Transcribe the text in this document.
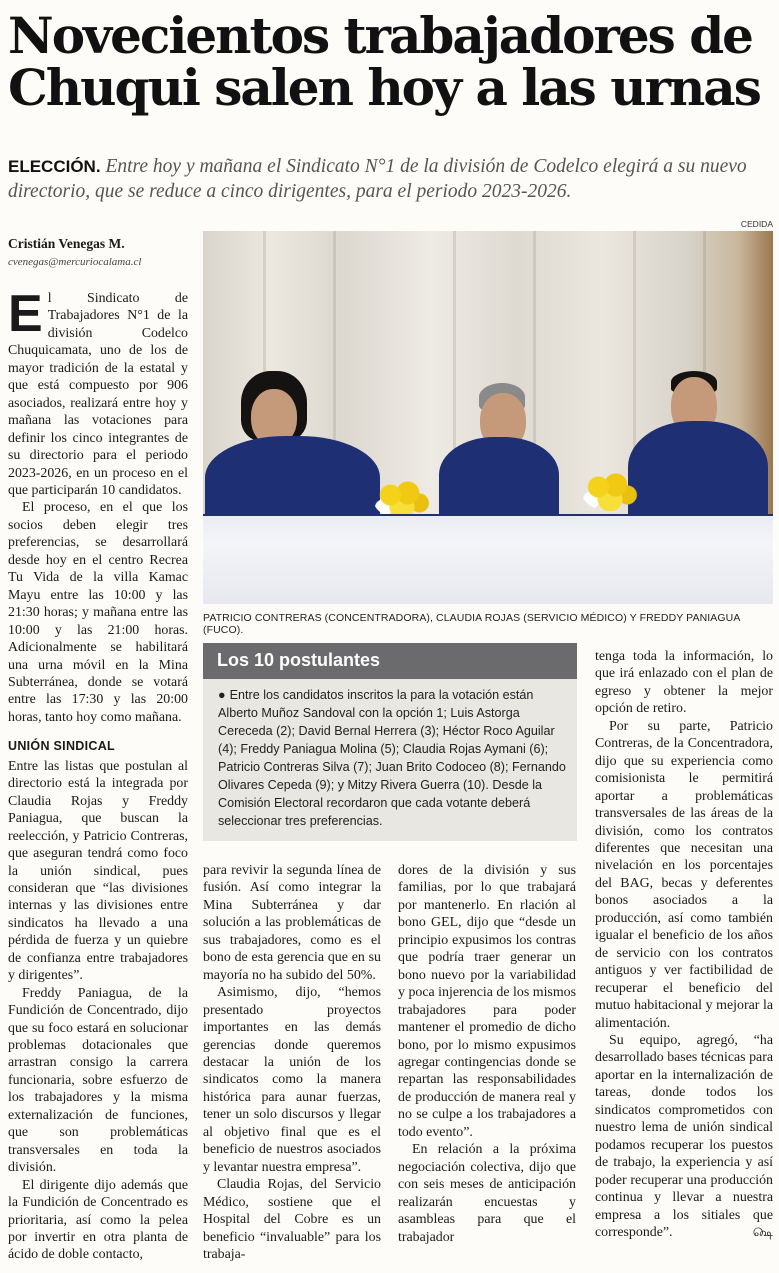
Novecientos trabajadores de
Chuqui salen hoy a las urnas
ELECCIÓN. Entre hoy y mañana el Sindicato N°1 de la división de Codelco elegirá a su nuevo directorio, que se reduce a cinco dirigentes, para el periodo 2023-2026.
CEDIDA
Cristián Venegas M.
cvenegas@mercuriocalama.cl
PATRICIO CONTRERAS (CONCENTRADORA), CLAUDIA ROJAS (SERVICIO MÉDICO) Y FREDDY PANIAGUA (FUCO).

El Sindicato de Trabajadores N°1 de la división Codelco Chuquicamata, uno de los de mayor tradición de la estatal y que está compuesto por 906 asociados, realizará entre hoy y mañana las votaciones para definir los cinco integrantes de su directorio para el periodo 2023-2026, en un proceso en el que participarán 10 candidatos.

El proceso, en el que los socios deben elegir tres preferencias, se desarrollará desde hoy en el centro Recrea Tu Vida de la villa Kamac Mayu entre las 10:00 y las 21:30 horas; y mañana entre las 10:00 y las 21:00 horas. Adicionalmente se habilitará una urna móvil en la Mina Subterránea, donde se votará entre las 17:30 y las 20:00 horas, tanto hoy como mañana.

UNIÓN SINDICAL

Entre las listas que postulan al directorio está la integrada por Claudia Rojas y Freddy Paniagua, que buscan la reelección, y Patricio Contreras, que aseguran tendrá como foco la unión sindical, pues consideran que “las divisiones internas y las divisiones entre sindicatos ha llevado a una pérdida de fuerza y un quiebre de confianza entre trabajadores y dirigentes”.

Freddy Paniagua, de la Fundición de Concentrado, dijo que su foco estará en solucionar problemas dotacionales que arrastran consigo la carrera funcionaria, sobre esfuerzo de los trabajadores y la misma externalización de funciones, que son problemáticas transversales en toda la división.

El dirigente dijo además que la Fundición de Concentrado es prioritaria, así como la pelea por invertir en otra planta de ácido de doble contacto,

Los 10 postulantes
● Entre los candidatos inscritos la para la votación están Alberto Muñoz Sandoval con la opción 1; Luis Astorga Cereceda (2); David Bernal Herrera (3); Héctor Roco Aguilar (4); Freddy Paniagua Molina (5); Claudia Rojas Aymani (6); Patricio Contreras Silva (7); Juan Brito Codoceo (8); Fernando Olivares Cepeda (9); y Mitzy Rivera Guerra (10). Desde la Comisión Electoral recordaron que cada votante deberá seleccionar tres preferencias.

para revivir la segunda línea de fusión. Así como integrar la Mina Subterránea y dar solución a las problemáticas de sus trabajadores, como es el bono de esta gerencia que en su mayoría no ha subido del 50%.

Asimismo, dijo, “hemos presentado proyectos importantes en las demás gerencias donde queremos destacar la unión de los sindicatos como la manera histórica para aunar fuerzas, tener un solo discursos y llegar al objetivo final que es el beneficio de nuestros asociados y levantar nuestra empresa”.

Claudia Rojas, del Servicio Médico, sostiene que el Hospital del Cobre es un beneficio “invaluable” para los trabaja-

dores de la división y sus familias, por lo que trabajará por mantenerlo. En rlación al bono GEL, dijo que “desde un principio expusimos los contras que podría traer generar un bono nuevo por la variabilidad y poca injerencia de los mismos trabajadores para poder mantener el promedio de dicho bono, por lo mismo expusimos agregar contingencias donde se repartan las responsabilidades de producción de manera real y no se culpe a los trabajadores a todo evento”.

En relación a la próxima negociación colectiva, dijo que con seis meses de anticipación realizarán encuestas y asambleas para que el trabajador

tenga toda la información, lo que irá enlazado con el plan de egreso y obtener la mejor opción de retiro.

Por su parte, Patricio Contreras, de la Concentradora, dijo que su experiencia como comisionista le permitirá aportar a problemáticas transversales de las áreas de la división, como los contratos diferentes que necesitan una nivelación en los porcentajes del BAG, becas y deferentes bonos asociados a la producción, así como también igualar el beneficio de los años de servicio con los contratos antiguos y ver factibilidad de recuperar el beneficio del mutuo habitacional y mejorar la alimentación.

Su equipo, agregó, “ha desarrollado bases técnicas para aportar en la internalización de tareas, donde todos los sindicatos comprometidos con nuestro lema de unión sindical podamos recuperar los puestos de trabajo, la experiencia y así poder recuperar una producción continua y llevar a nuestra empresa a los sitiales que corresponde”.	௸
